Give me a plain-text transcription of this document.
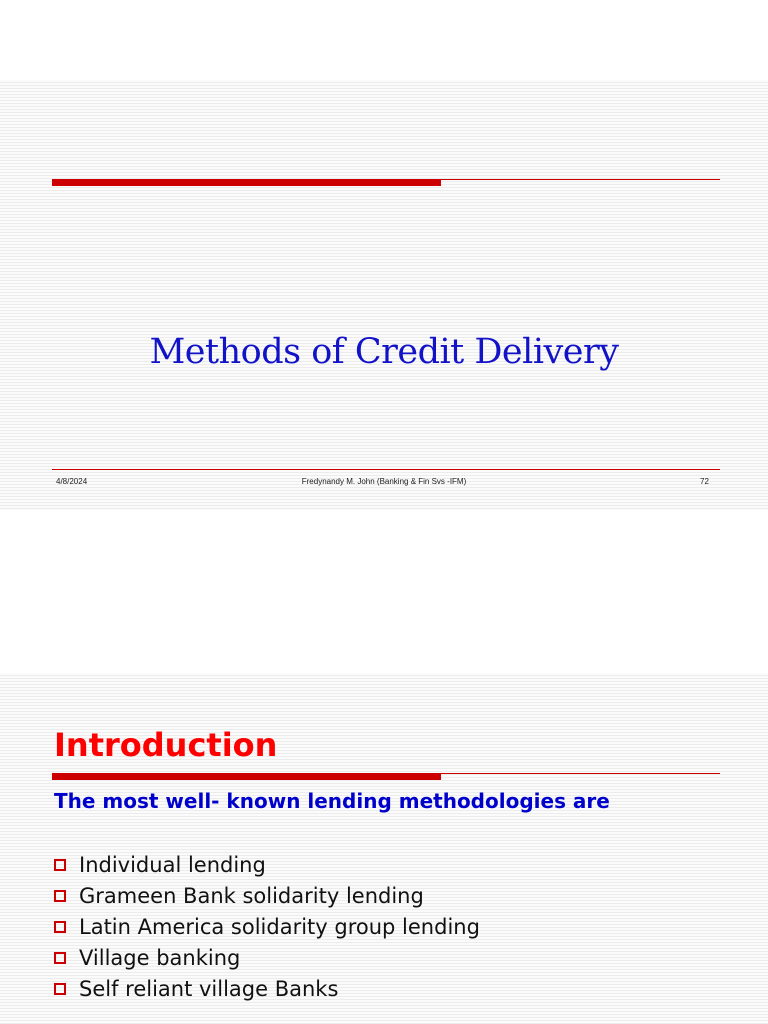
Methods of Credit Delivery
4/8/2024	Fredynandy M. John (Banking & Fin Svs -IFM)	72
Introduction
The most well- known lending methodologies are
Individual lending
Grameen Bank solidarity lending
Latin America solidarity group lending
Village banking
Self reliant village Banks
